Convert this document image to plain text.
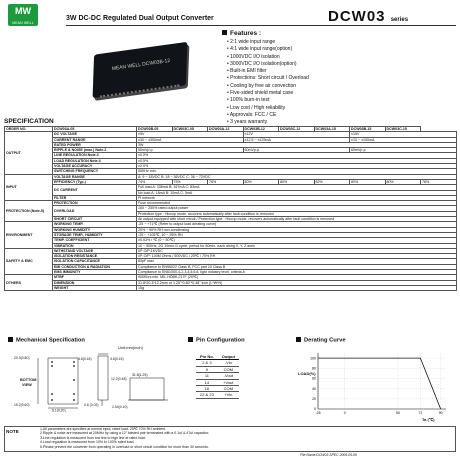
MW
MEAN WELL
3W DC-DC Regulated Dual Output Converter	DCW03 series
MEAN WELL DCW03B-12
Features :
• 2:1 wide input range
• 4:1 wide input range(option)
• 1000VDC I/O isolation
• 3000VDC I/O isolation(option)
• Built-in EMI filter
• Protections: Short circuit / Overload
• Cooling by free air convection
• Five-sided shield metal case
• 100% burn-in test
• Low cost / High reliability
• Approvals: FCC / CE
• 3 years warranty
SPECIFICATION
ORDER NO.	DCW03A-05	DCW03B-05	DCW03C-05	DCW03A-12	DCW03B-12	DCW03C-12	DCW03A-15	DCW03B-15	DCW03C-15	
OUTPUT	DC VOLTAGE	±5V			±12V			±15V		
	CURRENT RANGE	±30 ~ ±300mA			±12.5 ~ ±125mA			±10 ~ ±100mA		
	RATED POWER	3W								
	RIPPLE & NOISE (max.) Note.2	50mVp-p			60mVp-p			60mVp-p		
	LINE REGULATION Note.3	±0.5%								
	LOAD REGULATION Note.4	±0.5%								
	VOLTAGE ACCURACY	±2.0%								
	SWITCHING FREQUENCY	50KHz min.								
INPUT	VOLTAGE RANGE	A: 9 ~ 18VDC B: 18 ~ 36VDC C: 36 ~ 72VDC								
	EFFICIENCY (Typ.)	74%	75%	76%	80%	80%	82%	80%	80%	78%
	DC CURRENT	Full load A: 338mA B: 167mA C: 83mA								
		No load A: 18mA B: 10mA C: 5mA								
	FILTER	Pi network								
PROTECTION (Note.5)	PROTECTION	Fuse recommended								
	OVERLOAD	160 ~ 250% rated output power								
		Protection type : Hiccup mode, recovers automatically after fault condition is removed								
	SHORT CIRCUIT	All output equipped with short circuit / Protection type : Hiccup mode, recovers automatically after fault condition is removed								
ENVIRONMENT	WORKING TEMP.	-25 ~ +71℃ (Refer to output load derating curve)								
	WORKING HUMIDITY	20% ~ 90% RH non-condensing								
	STORAGE TEMP., HUMIDITY	-25 ~ +105℃, 10 ~ 95% RH								
	TEMP. COEFFICIENT	±0.03% / ℃ (0 ~ 50℃)								
	VIBRATION	10 ~ 500Hz, 2G 10min./1 cycle, period for 60min. each along X, Y, Z axes								
SAFETY & EMC	WITHSTAND VOLTAGE	I/P-O/P:1KVDC								
	ISOLATION RESISTANCE	I/P-O/P: 100M Ohms / 500VDC / 25℃ / 70% RH								
	ISOLATION CAPACITANCE	80pF max.								
	EMI CONDUCTION & RADIATION	Compliance to EN55022 Class B, FCC part 15 Class B								
	EMS IMMUNITY	Compliance to EN61000-4-2,3,4,5,6,8, light industry level, criteria A								
OTHERS	MTBF	900Khrs min. MIL-HDBK-217F (25℃)								
	DIMENSION	31.8*20.3*12.2mm or 1.25"*0.80"*0.48" inch (L*W*H)								
	WEIGHT	15g								
Mechanical Specification
Unit:mm(inch)
20.3(0.80)	4.6(0.18)	3.6(0.15)
12.2(0.48)
31.8(1.25)
15.2(0.60)
5.1(0.20)
0.6 (0.02)	2.54(0.10)
BOTTOM
VIEW
Pin Configuration
Pin No.	Output
2 & 3	-Vin
9	COM
11	-Vout
14	+Vout
16	COM
22 & 23	+Vin
Derating Curve
0
20
40
60
80
100
-25	0	50	71	90
LOAD(%)
Ta (℃)
NOTE	1.All parameters are specified at normal input, rated load, 25℃ 70% RH ambient.
2.Ripple & noise are measured at 20MHz by using a 12" twisted pair terminated with a 0.1uf & 47uf capacitor.
3.Line regulation is measured from low line to high line at rated load.
4.Load regulation is measured from 10% to 100% rated load.
5.Please prevent the converter from operating in overload or short circuit condition for more than 30 seconds.
File Name:DCW03-SPEC 2009-05-06
